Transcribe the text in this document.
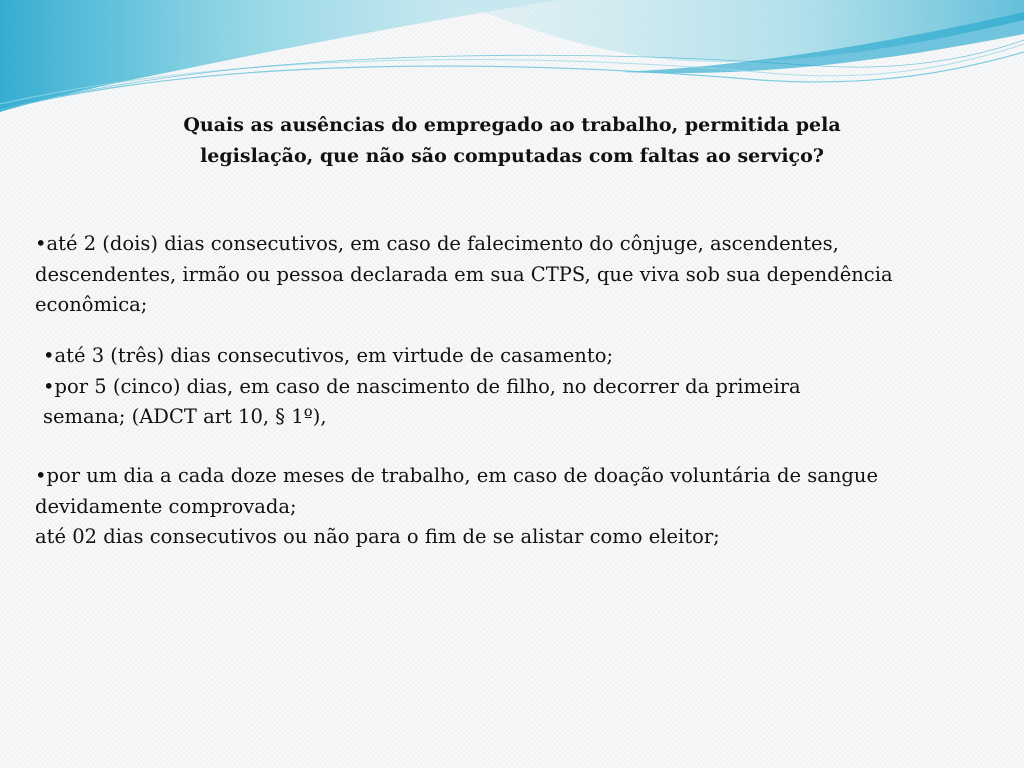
Quais as ausências do empregado ao trabalho, permitida pela
legislação, que não são computadas com faltas ao serviço?
•até 2 (dois) dias consecutivos, em caso de falecimento do cônjuge, ascendentes,
descendentes, irmão ou pessoa declarada em sua CTPS, que viva sob sua dependência
econômica;
•até 3 (três) dias consecutivos, em virtude de casamento;
•por 5 (cinco) dias, em caso de nascimento de filho, no decorrer da primeira
semana; (ADCT art 10, § 1º),
•por um dia a cada doze meses de trabalho, em caso de doação voluntária de sangue
devidamente comprovada;
até 02 dias consecutivos ou não para o fim de se alistar como eleitor;
